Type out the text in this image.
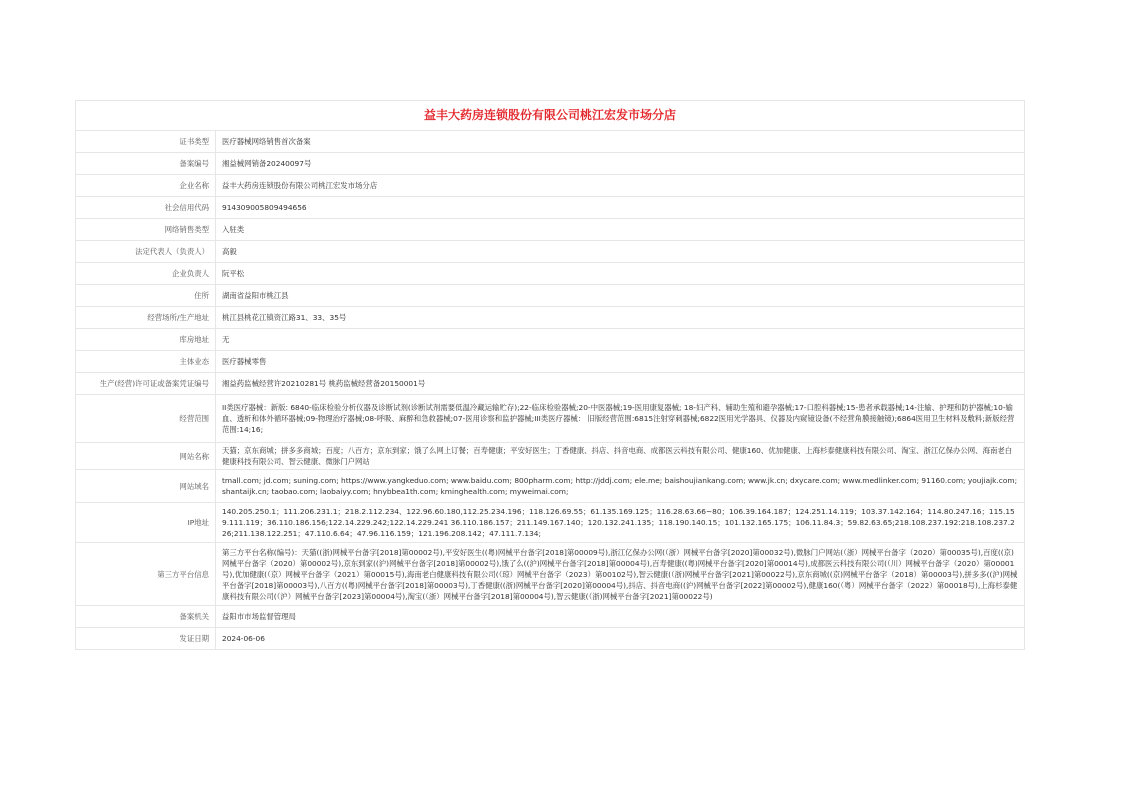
益丰大药房连锁股份有限公司桃江宏发市场分店
证书类型	医疗器械网络销售首次备案
备案编号	湘益械网销备20240097号
企业名称	益丰大药房连锁股份有限公司桃江宏发市场分店
社会信用代码	914309005809494656
网络销售类型	入驻类
法定代表人（负责人）	高毅
企业负责人	阮平松
住所	湖南省益阳市桃江县
经营场所/生产地址	桃江县桃花江镇资江路31、33、35号
库房地址	无
主体业态	医疗器械零售
生产(经营)许可证或备案凭证编号	湘益药监械经营许20210281号 桃药监械经营备20150001号
经营范围	II类医疗器械：新版: 6840-临床检验分析仪器及诊断试剂(诊断试剂需要低温冷藏运输贮存);22-临床检验器械;20-中医器械;19-医用康复器械; 18-妇产科、辅助生殖和避孕器械;17-口腔科器械;15-患者承载器械;14-注输、护理和防护器械;10-输血、透析和体外循环器械;09-物理治疗器械;08-呼吸、麻醉和急救器械;07-医用诊察和监护器械;III类医疗器械： 旧版经营范围:6815注射穿刺器械;6822医用光学器具、仪器及内窥镜设备(不经营角膜接触镜);6864医用卫生材料及敷料;新版经营范围:14;16;
网站名称	天猫；京东商城；拼多多商城；百度；八百方；京东到家；饿了么网上订餐；百寿健康；平安好医生；丁香健康、抖店、抖音电商、成都医云科技有限公司、健康160、优加健康、上海杉泰健康科技有限公司、淘宝、浙江亿保办公网、海南老白健康科技有限公司、智云健康、微脉门户网站
网站域名	tmall.com; jd.com; suning.com; https://www.yangkeduo.com; www.baidu.com; 800pharm.com; http://jddj.com; ele.me; baishoujiankang.com; www.jk.cn; dxycare.com; www.medlinker.com; 91160.com; youjiajk.com; shantaijk.cn; taobao.com; laobaiyy.com; hnybbea1th.com; kminghealth.com; myweimai.com;
IP地址	140.205.250.1；111.206.231.1；218.2.112.234、122.96.60.180,112.25.234.196；118.126.69.55；61.135.169.125；116.28.63.66~80；106.39.164.187；124.251.14.119；103.37.142.164；114.80.247.16；115.159.111.119；36.110.186.156;122.14.229.242;122.14.229.241 36.110.186.157；211.149.167.140；120.132.241.135；118.190.140.15；101.132.165.175；106.11.84.3；59.82.63.65;218.108.237.192:218.108.237.226;211.138.122.251；47.110.6.64；47.96.116.159；121.196.208.142；47.111.7.134;
第三方平台信息	第三方平台名称(编号)：天猫((浙)网械平台备字[2018]第00002号),平安好医生((粤)网械平台备字[2018]第00009号),浙江亿保办公网(（浙）网械平台备字[2020]第00032号),微脉门户网站(（浙）网械平台备字（2020）第00035号),百度((京)网械平台备字（2020）第00002号),京东到家((沪)网械平台备字[2018]第00002号),饿了么((沪)网械平台备字[2018]第00004号),百寿健康((粤)网械平台备字[2020]第00014号),成都医云科技有限公司(（川）网械平台备字（2020）第00001号),优加健康(（京）网械平台备字（2021）第00015号),海南老白健康科技有限公司(（琼）网械平台备字（2023）第00102号),智云健康(（浙)网械平台备字[2021]第00022号),京东商城((京)网械平台备字（2018）第00003号),拼多多((沪)网械平台备字[2018]第00003号),八百方((粤)网械平台备字[2018]第00003号),丁香健康((浙)网械平台备字[2020]第00004号),抖店、抖音电商((沪)网械平台备字[2022]第00002号),健康160(（粤）网械平台备字（2022）第00018号),上海杉泰健康科技有限公司(（沪）网械平台备字[2023]第00004号),淘宝(（浙）网械平台备字[2018]第00004号),智云健康(（浙)网械平台备字[2021]第00022号)
备案机关	益阳市市场监督管理局
发证日期	2024-06-06
